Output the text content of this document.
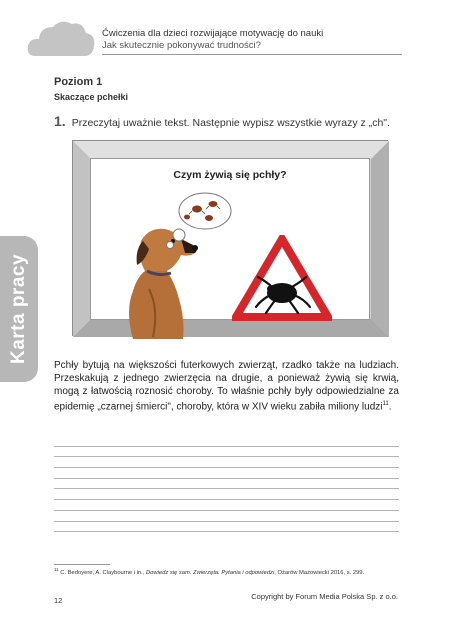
Ćwiczenia dla dzieci rozwijające motywację do nauki
Jak skutecznie pokonywać trudności?
Poziom 1
Skaczące pchełki
1. Przeczytaj uważnie tekst. Następnie wypisz wszystkie wyrazy z „ch".
Czym żywią się pchły?
Karta pracy
Pchły bytują na większości futerkowych zwierząt, rzadko także na ludziach. Przeskakują z jednego zwierzęcia na drugie, a ponieważ żywią się krwią, mogą z łatwością roznosić choroby. To właśnie pchły były odpowiedzialne za epidemię „czarnej śmierci", choroby, która w XIV wieku zabiła miliony ludzi$^{11}$.
$^{11}$ C. Bedoyere, A. Claybourne i in., Dowiedz się sam. Zwierzęta. Pytania i odpowiedzi, Ożarów Mazowiecki 2016, s. 299.
12	Copyright by Forum Media Polska Sp. z o.o.
